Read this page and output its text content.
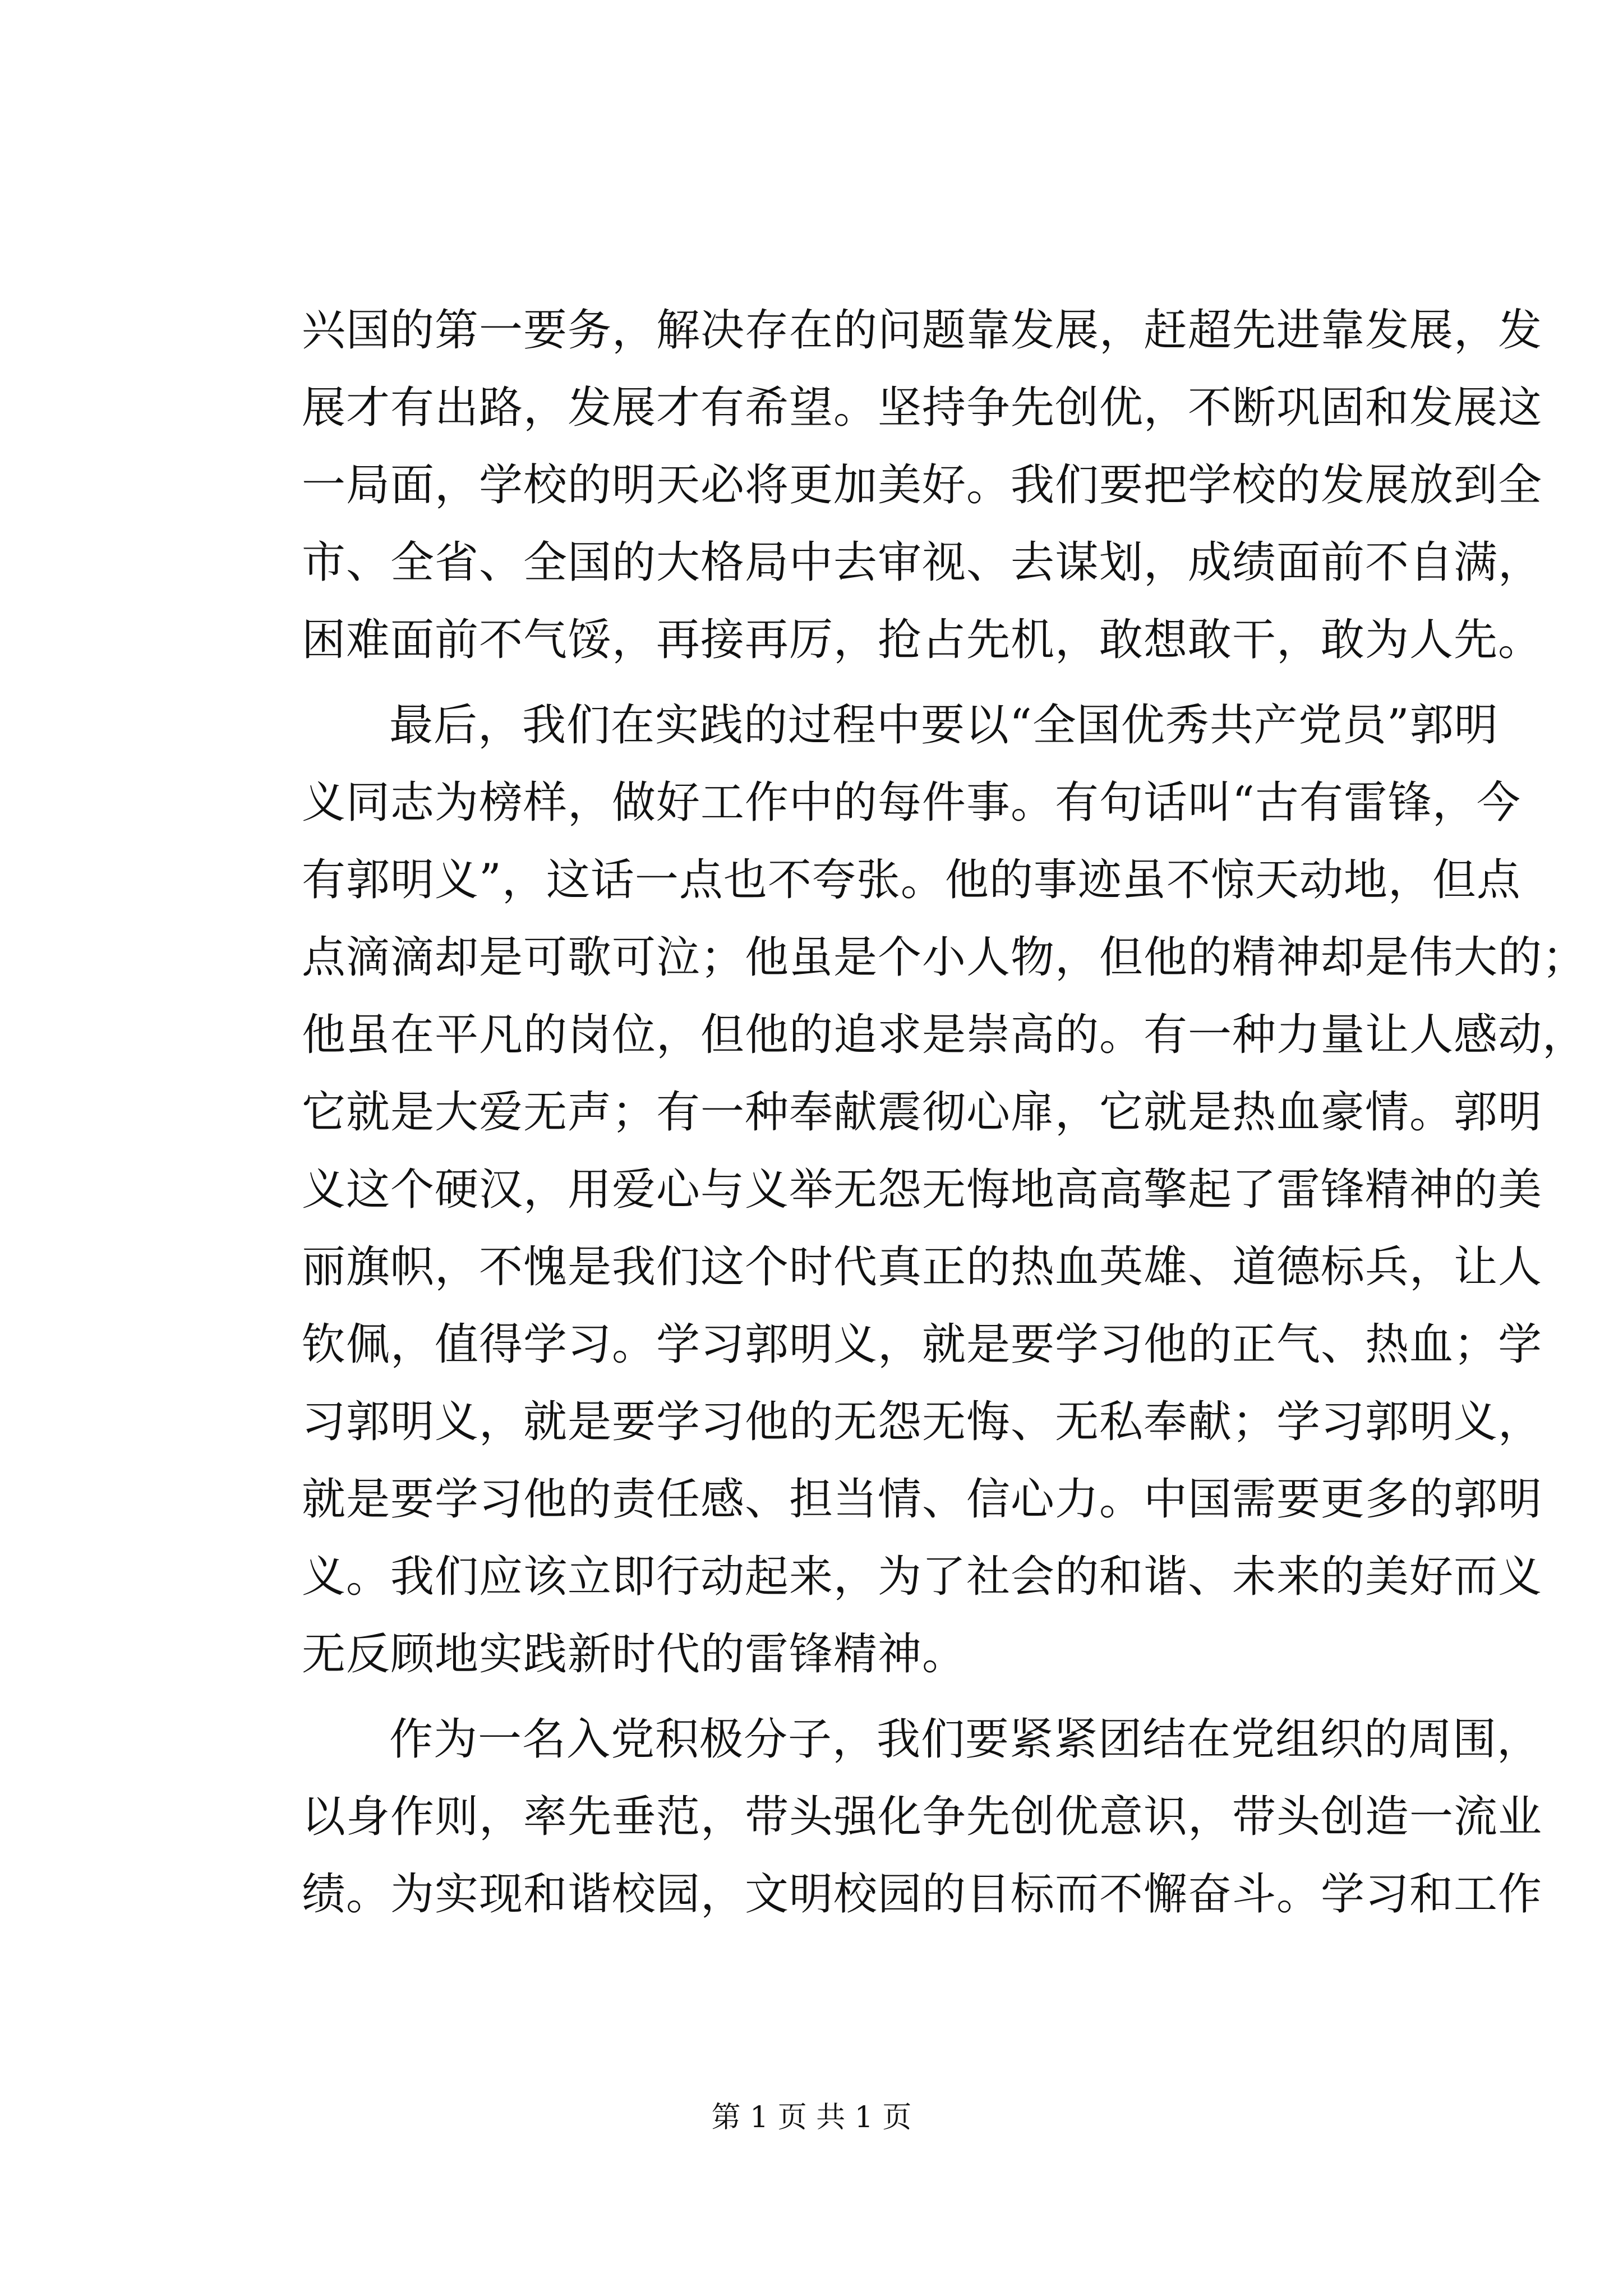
兴国的第一要务，解决存在的问题靠发展，赶超先进靠发展，发
展才有出路，发展才有希望。坚持争先创优，不断巩固和发展这
一局面，学校的明天必将更加美好。我们要把学校的发展放到全
市、全省、全国的大格局中去审视、去谋划，成绩面前不自满，
困难面前不气馁，再接再厉，抢占先机，敢想敢干，敢为人先。
最后，我们在实践的过程中要以“全国优秀共产党员”郭明
义同志为榜样，做好工作中的每件事。有句话叫“古有雷锋，今
有郭明义”，这话一点也不夸张。他的事迹虽不惊天动地，但点
点滴滴却是可歌可泣；他虽是个小人物，但他的精神却是伟大的；
他虽在平凡的岗位，但他的追求是崇高的。有一种力量让人感动，
它就是大爱无声；有一种奉献震彻心扉，它就是热血豪情。郭明
义这个硬汉，用爱心与义举无怨无悔地高高擎起了雷锋精神的美
丽旗帜，不愧是我们这个时代真正的热血英雄、道德标兵，让人
钦佩，值得学习。学习郭明义，就是要学习他的正气、热血；学
习郭明义，就是要学习他的无怨无悔、无私奉献；学习郭明义，
就是要学习他的责任感、担当情、信心力。中国需要更多的郭明
义。我们应该立即行动起来，为了社会的和谐、未来的美好而义
无反顾地实践新时代的雷锋精神。
作为一名入党积极分子，我们要紧紧团结在党组织的周围，
以身作则，率先垂范，带头强化争先创优意识，带头创造一流业
绩。为实现和谐校园，文明校园的目标而不懈奋斗。学习和工作
第 1 页 共 1 页
